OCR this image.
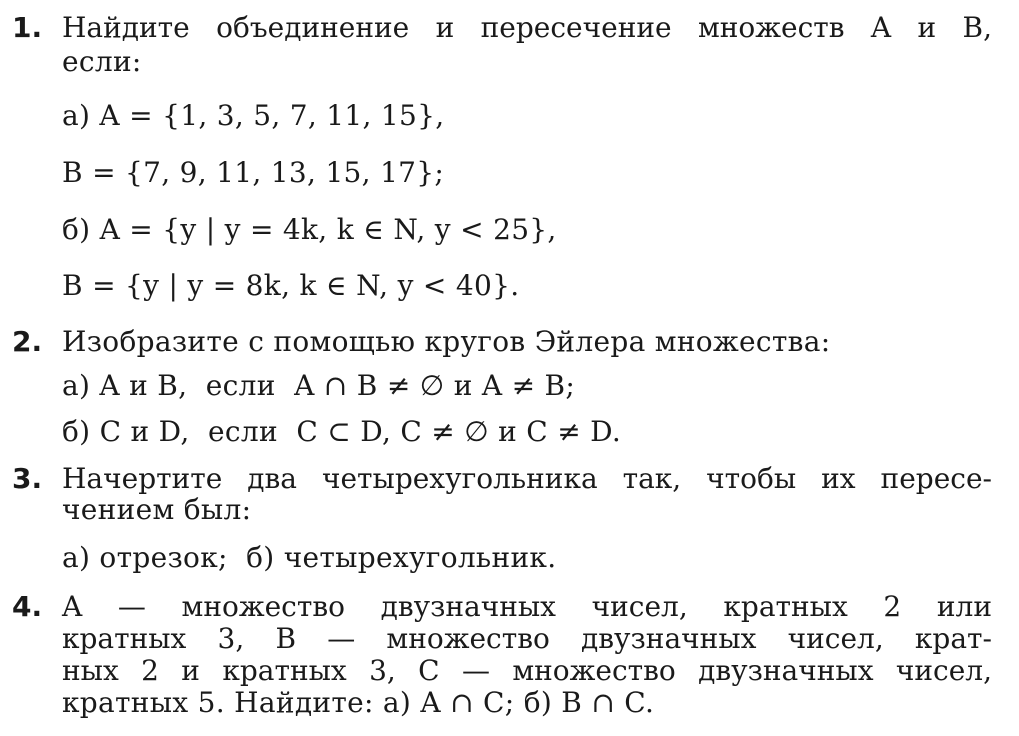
1. Найдите объединение и пересечение множеств A и B,
если:
а) A = {1, 3, 5, 7, 11, 15},
B = {7, 9, 11, 13, 15, 17};
б) A = {y | y = 4k, k ∈ N, y < 25},
B = {y | y = 8k, k ∈ N, y < 40}.
2. Изобразите с помощью кругов Эйлера множества:
а) A и B,  если  A ∩ B ≠ ∅ и A ≠ B;
б) C и D,  если  C ⊂ D, C ≠ ∅ и C ≠ D.
3. Начертите два четырехугольника так, чтобы их пересе-
чением был:
а) отрезок;  б) четырехугольник.
4. A — множество двузначных чисел, кратных 2 или
кратных 3, B — множество двузначных чисел, крат-
ных 2 и кратных 3, C — множество двузначных чисел,
кратных 5. Найдите: а) A ∩ C; б) B ∩ C.
